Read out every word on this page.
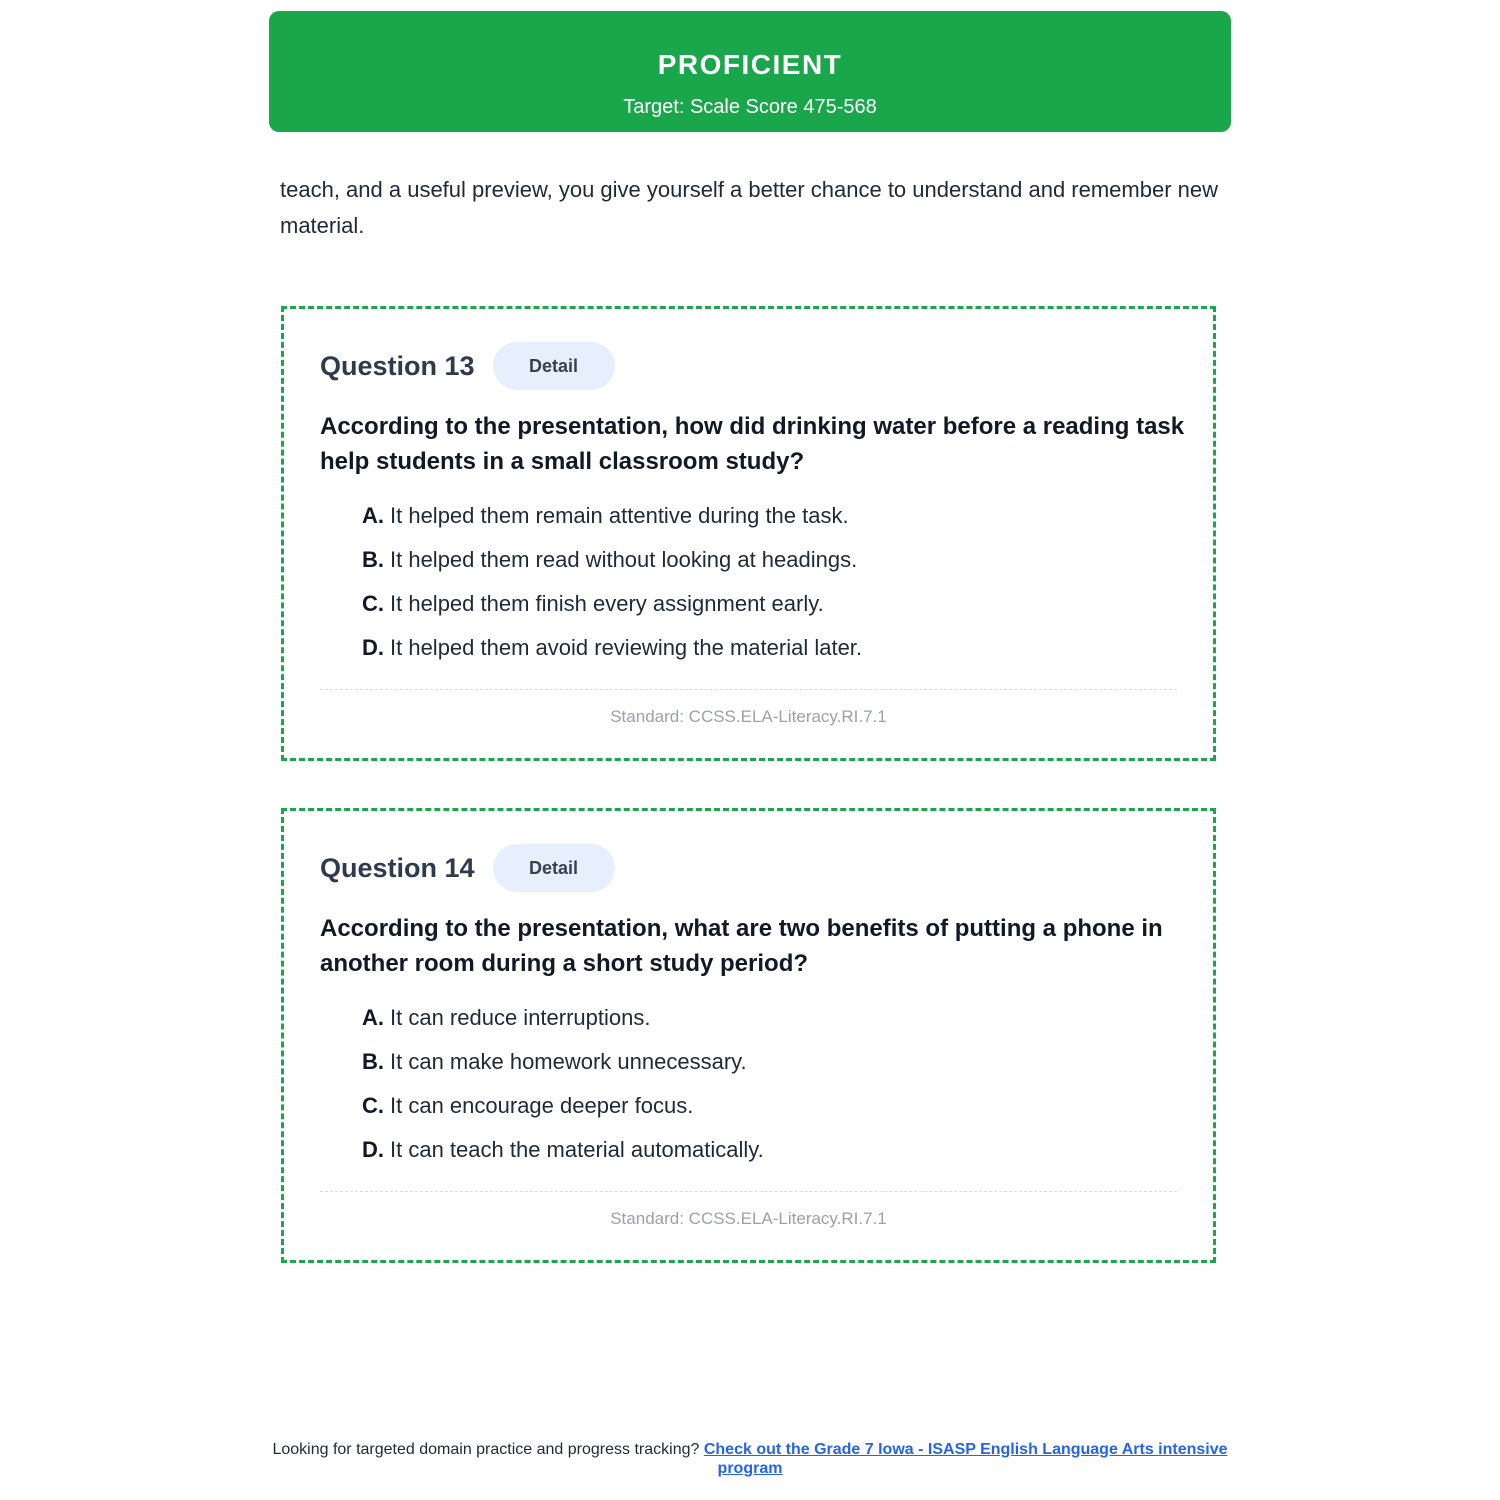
PROFICIENT
Target: Scale Score 475-568

teach, and a useful preview, you give yourself a better chance to understand and remember new material.

Question 13	Detail

According to the presentation, how did drinking water before a reading task help students in a small classroom study?

A. It helped them remain attentive during the task.
B. It helped them read without looking at headings.
C. It helped them finish every assignment early.
D. It helped them avoid reviewing the material later.
Standard: CCSS.ELA-Literacy.RI.7.1
Question 14	Detail

According to the presentation, what are two benefits of putting a phone in another room during a short study period?

A. It can reduce interruptions.
B. It can make homework unnecessary.
C. It can encourage deeper focus.
D. It can teach the material automatically.
Standard: CCSS.ELA-Literacy.RI.7.1
Looking for targeted domain practice and progress tracking? Check out the Grade 7 Iowa - ISASP English Language Arts intensive program
